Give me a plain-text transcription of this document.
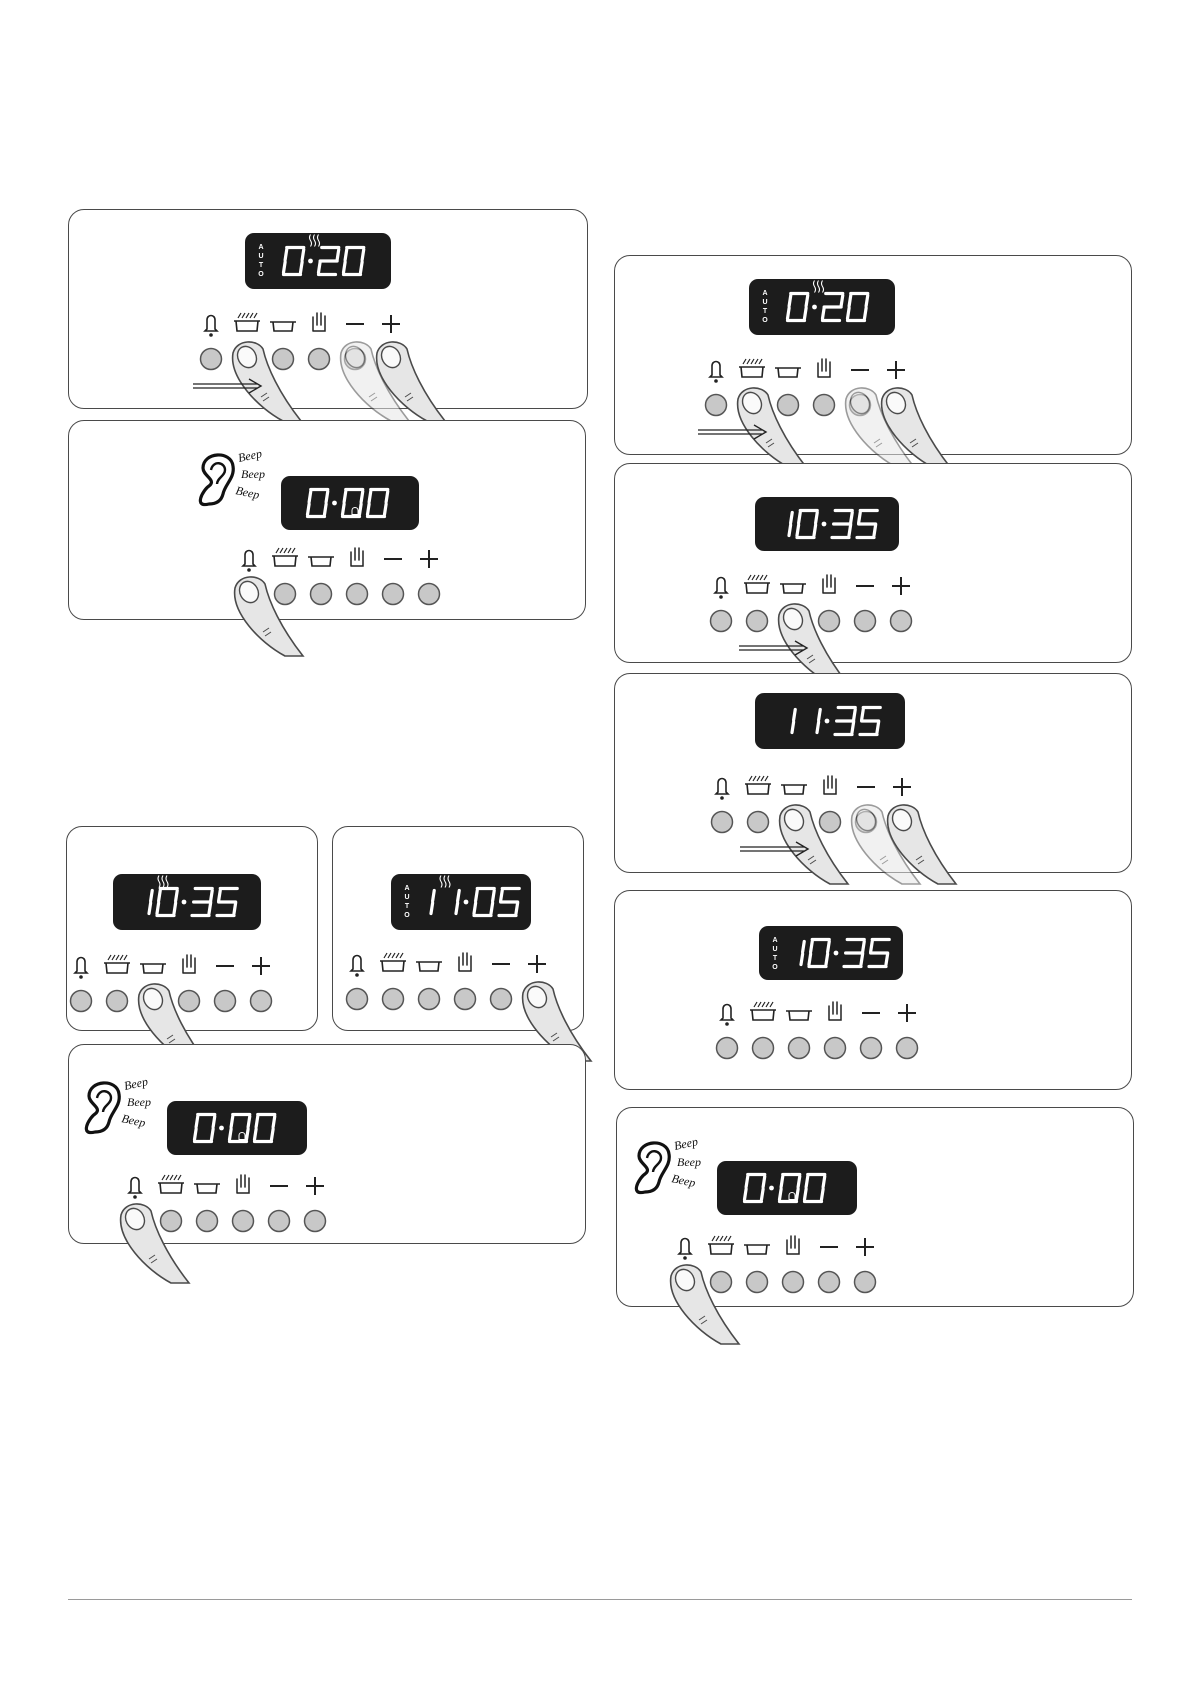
A
U
T
O
Beep
Beep
Beep
A
U
T
O
Beep
Beep
Beep
A
U
T
O
A
U
T
O
Beep
Beep
Beep
